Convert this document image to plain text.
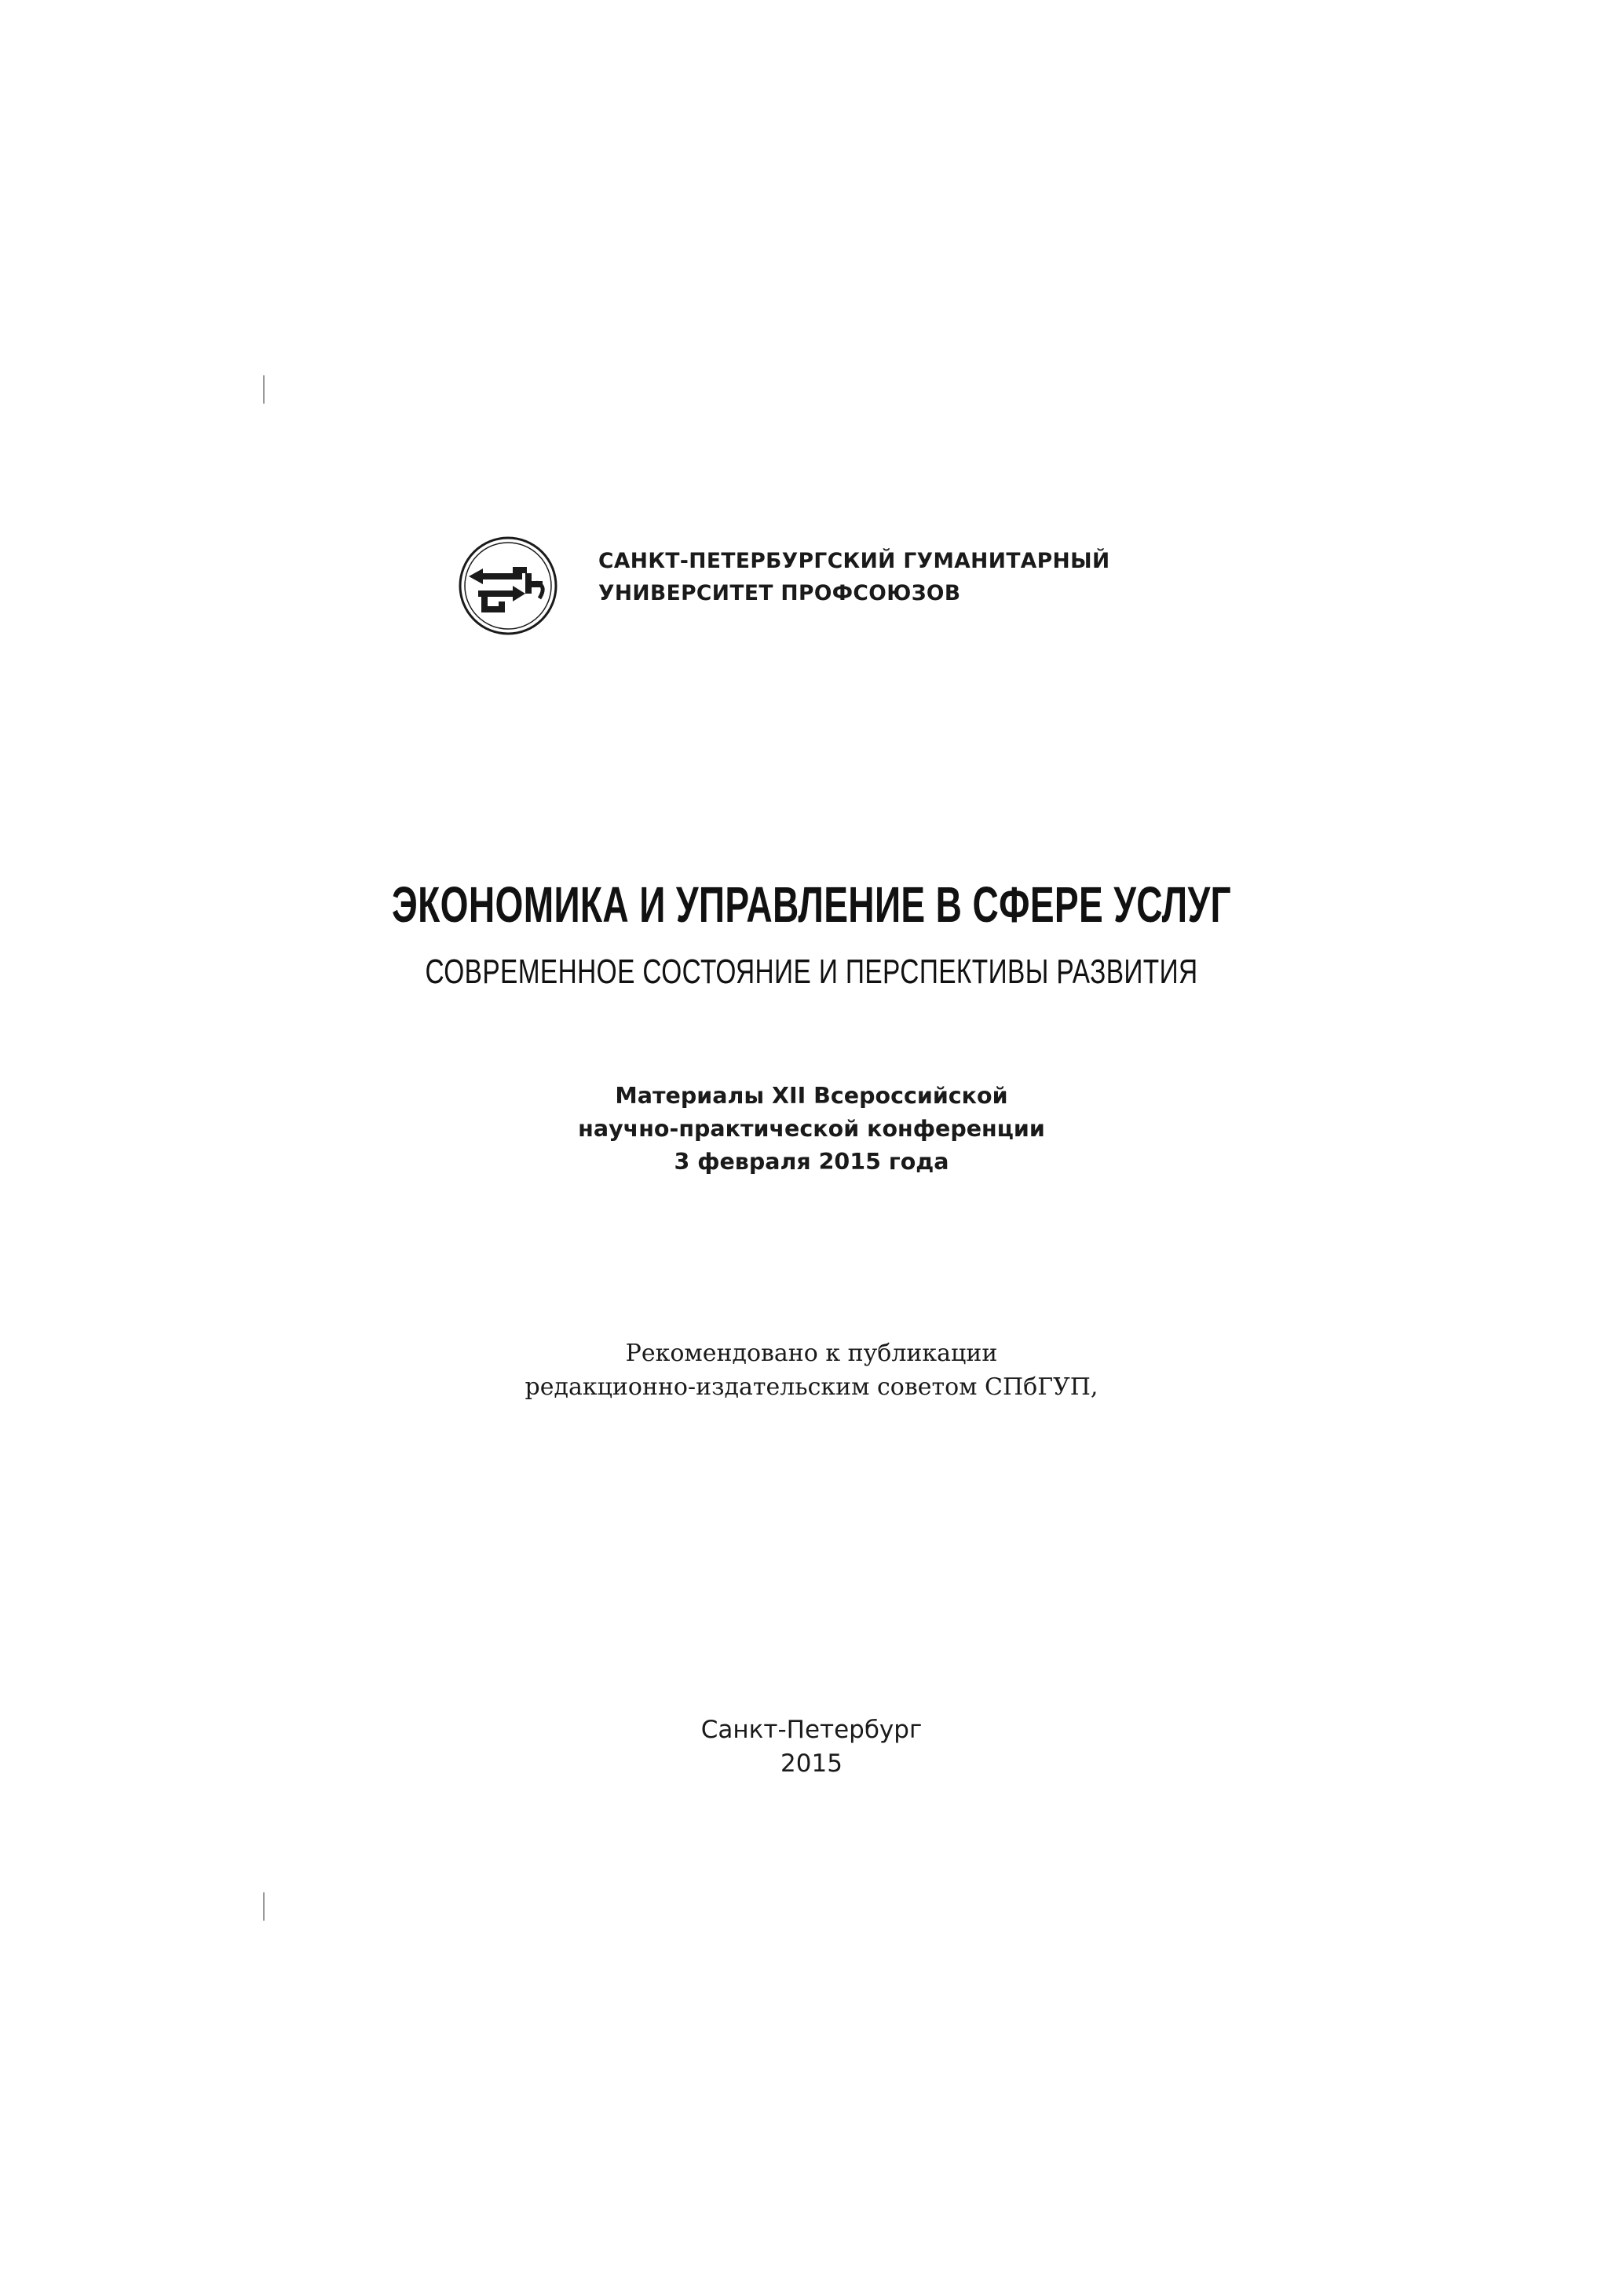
САНКТ-ПЕТЕРБУРГСКИЙ ГУМАНИТАРНЫЙ
УНИВЕРСИТЕТ ПРОФСОЮЗОВ
ЭКОНОМИКА И УПРАВЛЕНИЕ В СФЕРЕ УСЛУГ
СОВРЕМЕННОЕ СОСТОЯНИЕ И ПЕРСПЕКТИВЫ РАЗВИТИЯ
Материалы XII Всероссийской
научно-практической конференции
3 февраля 2015 года
Рекомендовано к публикации
редакционно-издательским советом СПбГУП,
Санкт-Петербург
2015
